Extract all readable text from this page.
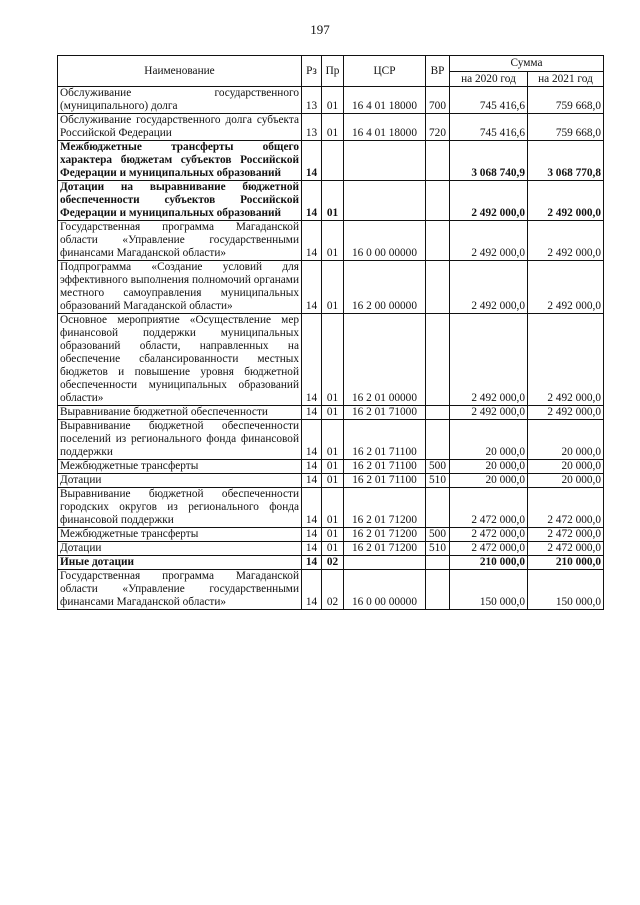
197
Наименование	Рз	Пр	ЦСР	ВР	Сумма	
					на 2020 год	на 2021 год
Обслуживание государственного (муниципального) долга	13	01	16 4 01 18000	700	745 416,6	759 668,0
Обслуживание государственного долга субъекта Российской Федерации	13	01	16 4 01 18000	720	745 416,6	759 668,0
Межбюджетные трансферты общего характера бюджетам субъектов Российской Федерации и муниципальных образований	14				3 068 740,9	3 068 770,8
Дотации на выравнивание бюджетной обеспеченности субъектов Российской Федерации и муниципальных образований	14	01			2 492 000,0	2 492 000,0
Государственная программа Магаданской области «Управление государственными финансами Магаданской области»	14	01	16 0 00 00000		2 492 000,0	2 492 000,0
Подпрограмма «Создание условий для эффективного выполнения полномочий органами местного самоуправления муниципальных образований Магаданской области»	14	01	16 2 00 00000		2 492 000,0	2 492 000,0
Основное мероприятие «Осуществление мер финансовой поддержки муниципальных образований области, направленных на обеспечение сбалансированности местных бюджетов и повышение уровня бюджетной обеспеченности муниципальных образований области»	14	01	16 2 01 00000		2 492 000,0	2 492 000,0
Выравнивание бюджетной обеспеченности	14	01	16 2 01 71000		2 492 000,0	2 492 000,0
Выравнивание бюджетной обеспеченности поселений из регионального фонда финансовой поддержки	14	01	16 2 01 71100		20 000,0	20 000,0
Межбюджетные трансферты	14	01	16 2 01 71100	500	20 000,0	20 000,0
Дотации	14	01	16 2 01 71100	510	20 000,0	20 000,0
Выравнивание бюджетной обеспеченности городских округов из регионального фонда финансовой поддержки	14	01	16 2 01 71200		2 472 000,0	2 472 000,0
Межбюджетные трансферты	14	01	16 2 01 71200	500	2 472 000,0	2 472 000,0
Дотации	14	01	16 2 01 71200	510	2 472 000,0	2 472 000,0
Иные дотации	14	02			210 000,0	210 000,0
Государственная программа Магаданской области «Управление государственными финансами Магаданской области»	14	02	16 0 00 00000		150 000,0	150 000,0
